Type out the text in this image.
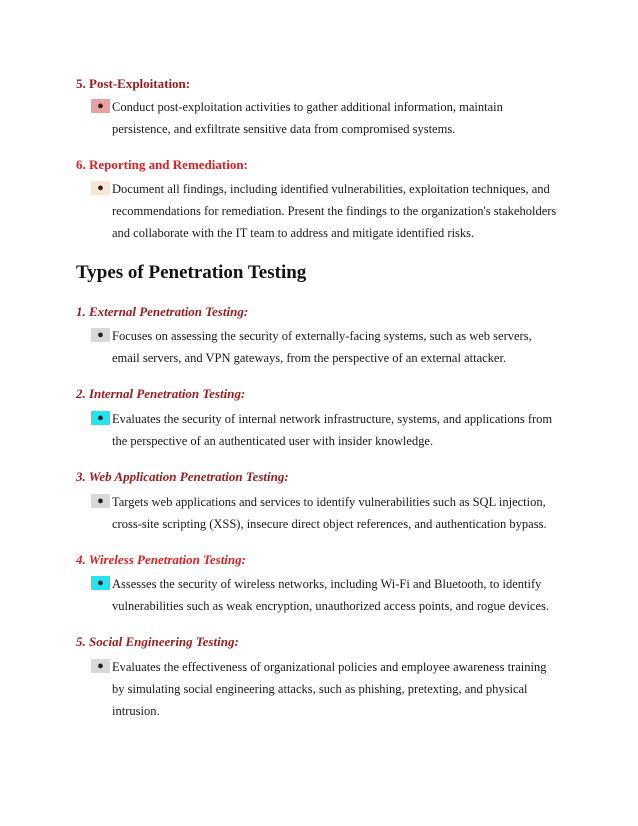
5. Post-Exploitation:
● Conduct post-exploitation activities to gather additional information, maintain
persistence, and exfiltrate sensitive data from compromised systems.
6. Reporting and Remediation:
● Document all findings, including identified vulnerabilities, exploitation techniques, and
recommendations for remediation. Present the findings to the organization's stakeholders
and collaborate with the IT team to address and mitigate identified risks.
Types of Penetration Testing
1. External Penetration Testing:
● Focuses on assessing the security of externally-facing systems, such as web servers,
email servers, and VPN gateways, from the perspective of an external attacker.
2. Internal Penetration Testing:
● Evaluates the security of internal network infrastructure, systems, and applications from
the perspective of an authenticated user with insider knowledge.
3. Web Application Penetration Testing:
● Targets web applications and services to identify vulnerabilities such as SQL injection,
cross-site scripting (XSS), insecure direct object references, and authentication bypass.
4. Wireless Penetration Testing:
● Assesses the security of wireless networks, including Wi-Fi and Bluetooth, to identify
vulnerabilities such as weak encryption, unauthorized access points, and rogue devices.
5. Social Engineering Testing:
● Evaluates the effectiveness of organizational policies and employee awareness training
by simulating social engineering attacks, such as phishing, pretexting, and physical
intrusion.
